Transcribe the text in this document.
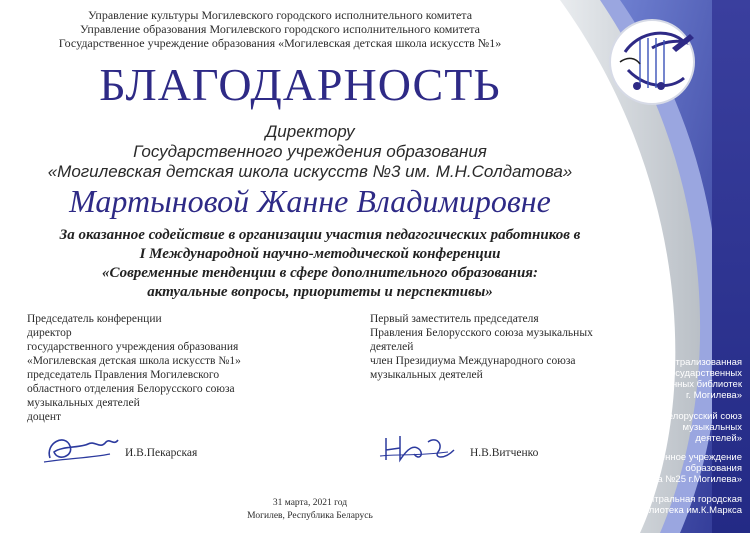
Управление культуры Могилевского городского исполнительного комитета
Управление образования Могилевского городского исполнительного комитета
Государственное учреждение образования «Могилевская детская школа искусств №1»
БЛАГОДАРНОСТЬ
Директору
Государственного учреждения образования
«Могилевская детская школа искусств №3 им. М.Н.Солдатова»
Мартыновой Жанне Владимировне
За оказанное содействие в организации участия педагогических работников в
I Международной научно-методической конференции
«Современные тенденции в сфере дополнительного образования:
актуальные вопросы, приоритеты и перспективы»
Председатель конференции
директор
государственного учреждения образования
«Могилевская детская школа искусств №1»
председатель Правления Могилевского
областного отделения Белорусского союза
музыкальных деятелей
доцент
И.В.Пекарская
Первый заместитель председателя
Правления Белорусского союза музыкальных
деятелей
член Президиума Международного союза
музыкальных деятелей
Н.В.Витченко
31 марта, 2021 год
Могилев, Республика Беларусь
УК «Централизованная
система государственных
публичных библиотек
г. Могилева»
ОО «Белорусский союз
музыкальных
деятелей»
Государственное учреждение
образования
«Средняя школа №25 г.Могилева»
Центральная городская
библиотека им.К.Маркса
